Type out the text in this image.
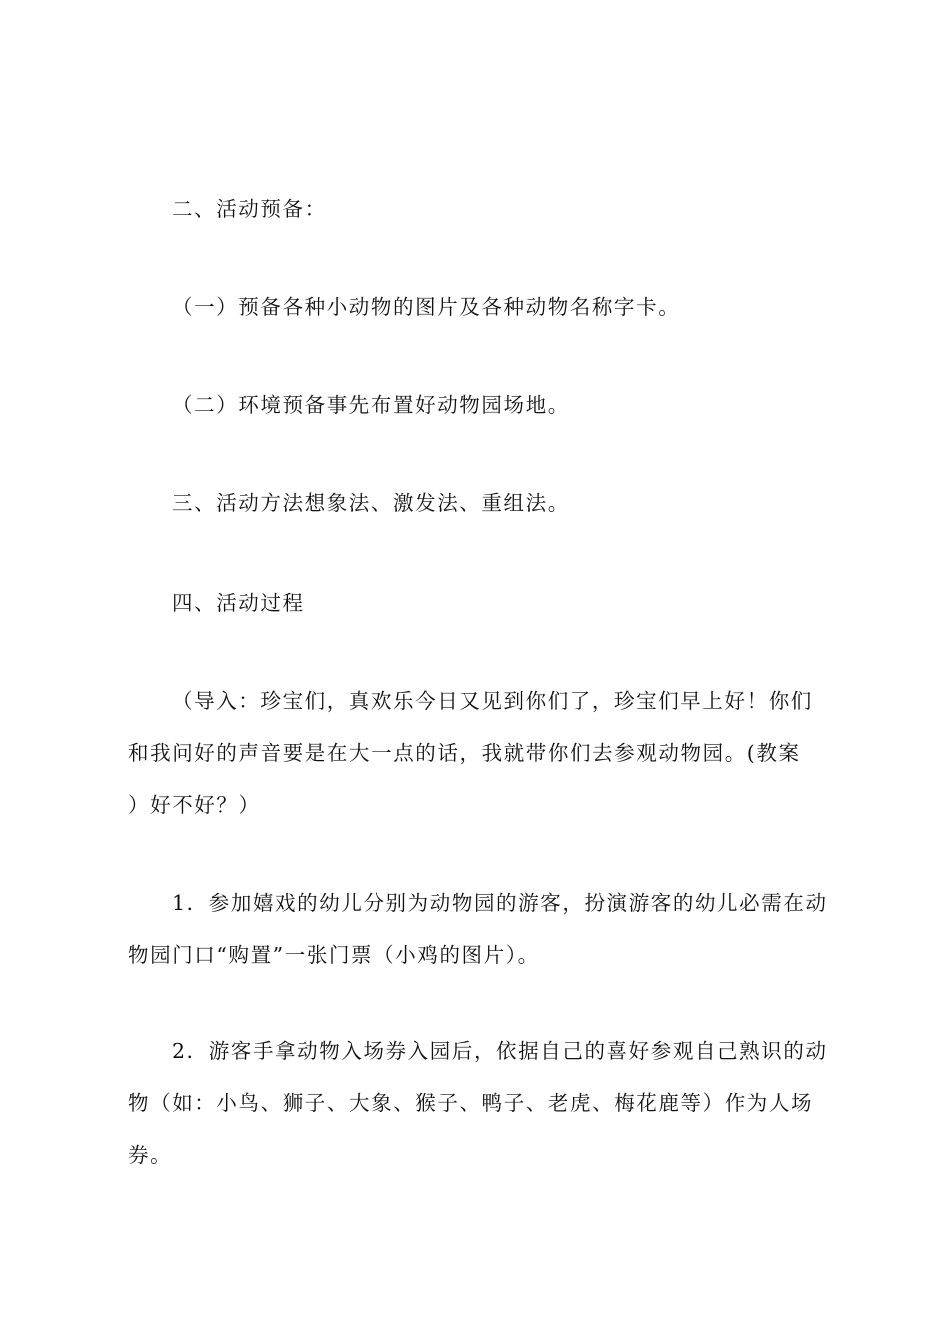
二、活动预备：

（一）预备各种小动物的图片及各种动物名称字卡。

（二）环境预备事先布置好动物园场地。

三、活动方法想象法、激发法、重组法。

四、活动过程

（导入：珍宝们，真欢乐今日又见到你们了，珍宝们早上好！你们
和我问好的声音要是在大一点的话，我就带你们去参观动物园。(教案
）好不好？）

1．参加嬉戏的幼儿分别为动物园的游客，扮演游客的幼儿必需在动
物园门口“购置”一张门票（小鸡的图片）。

2．游客手拿动物入场券入园后，依据自己的喜好参观自己熟识的动
物（如：小鸟、狮子、大象、猴子、鸭子、老虎、梅花鹿等）作为人场
券。
